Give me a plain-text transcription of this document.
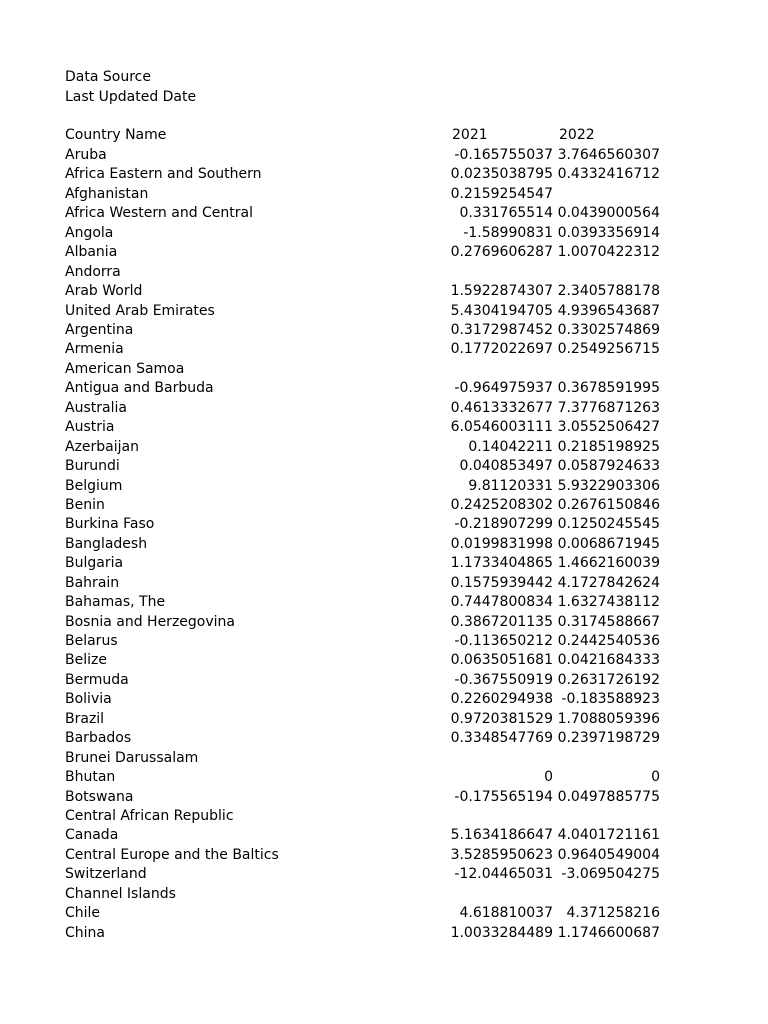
Data Source
Last Updated Date
Country Name	2021	2022
Aruba	-0.165755037 3.7646560307
Africa Eastern and Southern	0.0235038795 0.4332416712
Afghanistan	0.2159254547
Africa Western and Central	0.331765514 0.0439000564
Angola	-1.58990831 0.0393356914
Albania	0.2769606287 1.0070422312
Andorra
Arab World	1.5922874307 2.3405788178
United Arab Emirates	5.4304194705 4.9396543687
Argentina	0.3172987452 0.3302574869
Armenia	0.1772022697 0.2549256715
American Samoa
Antigua and Barbuda	-0.964975937 0.3678591995
Australia	0.4613332677 7.3776871263
Austria	6.0546003111 3.0552506427
Azerbaijan	0.14042211 0.2185198925
Burundi	0.040853497 0.0587924633
Belgium	9.81120331 5.9322903306
Benin	0.2425208302 0.2676150846
Burkina Faso	-0.218907299 0.1250245545
Bangladesh	0.0199831998 0.0068671945
Bulgaria	1.1733404865 1.4662160039
Bahrain	0.1575939442 4.1727842624
Bahamas, The	0.7447800834 1.6327438112
Bosnia and Herzegovina	0.3867201135 0.3174588667
Belarus	-0.113650212 0.2442540536
Belize	0.0635051681 0.0421684333
Bermuda	-0.367550919 0.2631726192
Bolivia	0.2260294938 -0.183588923
Brazil	0.9720381529 1.7088059396
Barbados	0.3348547769 0.2397198729
Brunei Darussalam
Bhutan	0	0
Botswana	-0.175565194 0.0497885775
Central African Republic
Canada	5.1634186647 4.0401721161
Central Europe and the Baltics	3.5285950623 0.9640549004
Switzerland	-12.04465031 -3.069504275
Channel Islands
Chile	4.618810037 4.371258216
China	1.0033284489 1.1746600687
